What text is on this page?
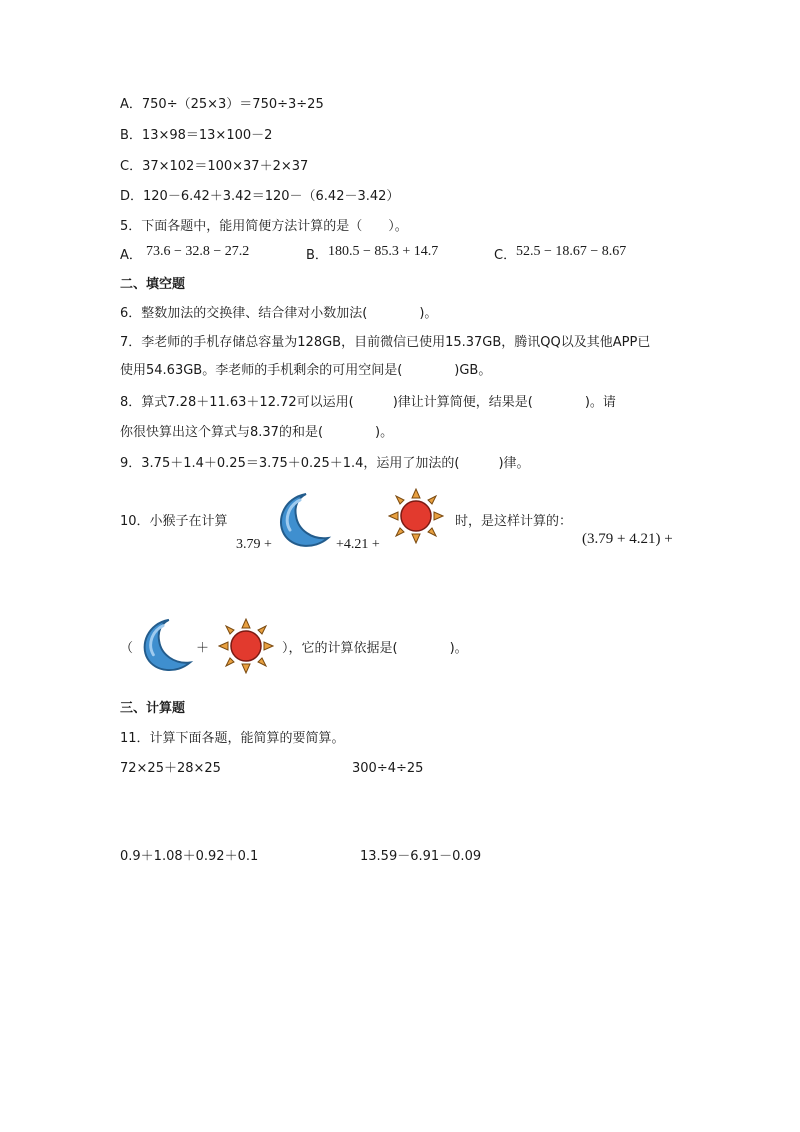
A．750÷（25×3）＝750÷3÷25
B．13×98＝13×100－2
C．37×102＝100×37＋2×37
D．120－6.42＋3.42＝120－（6.42－3.42）
5．下面各题中，能用简便方法计算的是（　　）。
A． 73.6 − 32.8 − 27.2	B． 180.5 − 85.3 + 14.7	C． 52.5 − 18.67 − 8.67
二、填空题
6．整数加法的交换律、结合律对小数加法(　　　　)。
7．李老师的手机存储总容量为128GB，目前微信已使用15.37GB，腾讯QQ以及其他APP已
使用54.63GB。李老师的手机剩余的可用空间是(　　　　)GB。
8．算式7.28＋11.63＋12.72可以运用(　　　)律让计算简便，结果是(　　　　)。请
你很快算出这个算式与8.37的和是(　　　　)。
9．3.75＋1.4＋0.25＝3.75＋0.25＋1.4，运用了加法的(　　　)律。
10．小猴子在计算
3.79 +	+4.21 +
时，是这样计算的：
(3.79 + 4.21) +
（	＋	），它的计算依据是(　　　　)。
三、计算题
11．计算下面各题，能简算的要简算。
72×25＋28×25	300÷4÷25
0.9＋1.08＋0.92＋0.1	13.59－6.91－0.09
